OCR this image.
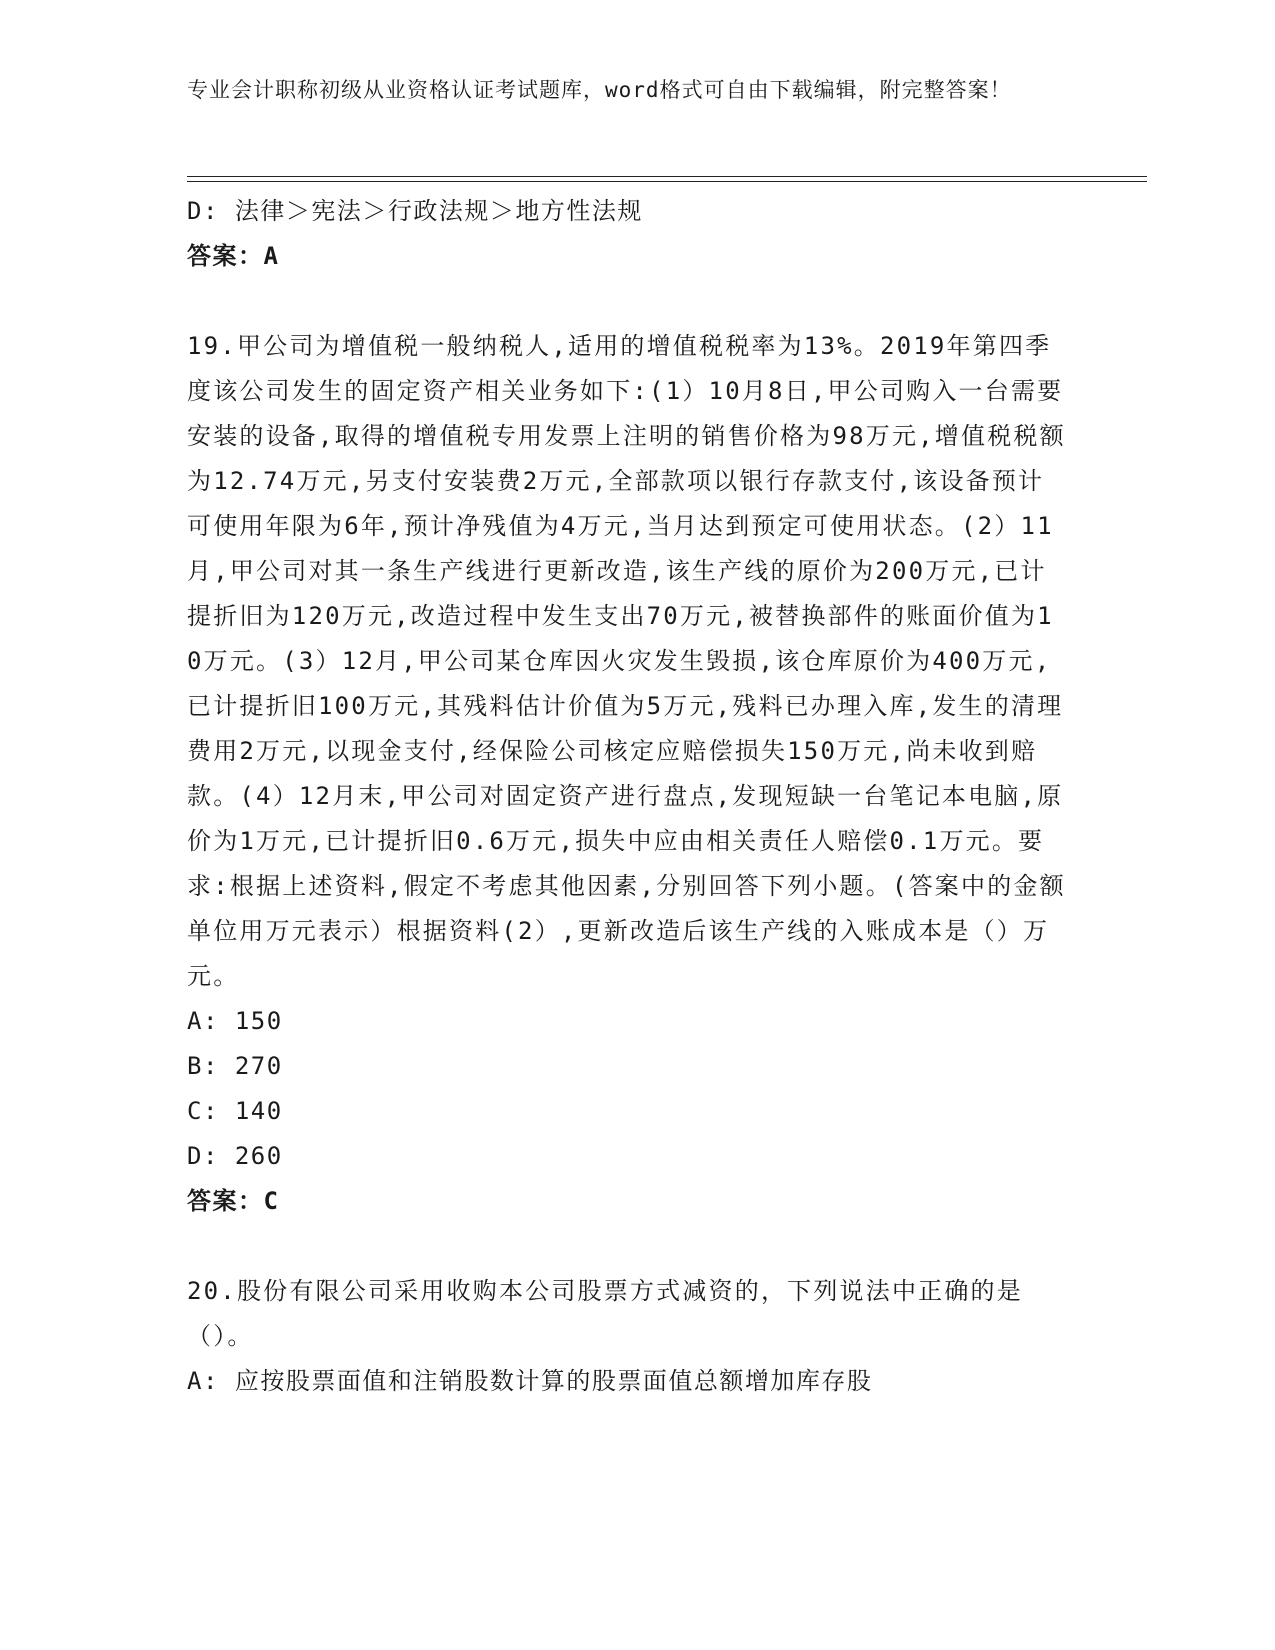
专业会计职称初级从业资格认证考试题库，word格式可自由下载编辑，附完整答案！
D: 法律＞宪法＞行政法规＞地方性法规
答案：A
19.甲公司为增值税一般纳税人,适用的增值税税率为13%。2019年第四季度该公司发生的固定资产相关业务如下:(1）10月8日,甲公司购入一台需要安装的设备,取得的增值税专用发票上注明的销售价格为98万元,增值税税额为12.74万元,另支付安装费2万元,全部款项以银行存款支付,该设备预计可使用年限为6年,预计净残值为4万元,当月达到预定可使用状态。(2）11月,甲公司对其一条生产线进行更新改造,该生产线的原价为200万元,已计提折旧为120万元,改造过程中发生支出70万元,被替换部件的账面价值为10万元。(3）12月,甲公司某仓库因火灾发生毁损,该仓库原价为400万元,已计提折旧100万元,其残料估计价值为5万元,残料已办理入库,发生的清理费用2万元,以现金支付,经保险公司核定应赔偿损失150万元,尚未收到赔款。(4）12月末,甲公司对固定资产进行盘点,发现短缺一台笔记本电脑,原价为1万元,已计提折旧0.6万元,损失中应由相关责任人赔偿0.1万元。要求:根据上述资料,假定不考虑其他因素,分别回答下列小题。(答案中的金额单位用万元表示）根据资料(2）,更新改造后该生产线的入账成本是（）万元。
A: 150
B: 270
C: 140
D: 260
答案：C
20.股份有限公司采用收购本公司股票方式减资的，下列说法中正确的是（）。
A: 应按股票面值和注销股数计算的股票面值总额增加库存股
